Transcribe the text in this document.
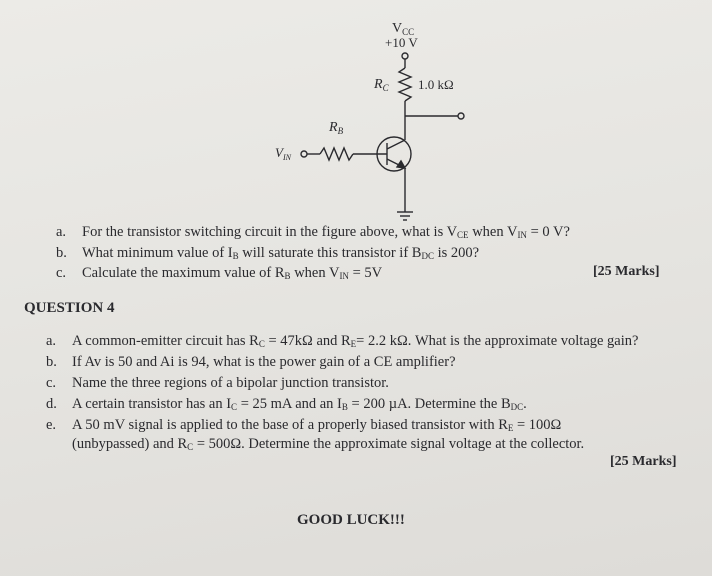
$V_{CC}$
+10 V
$R_C$ 1.0 kΩ
$R_B$
$V_{IN}$
a. For the transistor switching circuit in the figure above, what is $V_{CE}$ when $V_{IN} = 0$ V?
b. What minimum value of $I_B$ will saturate this transistor if $B_{DC}$ is 200?
c. Calculate the maximum value of $R_B$ when $V_{IN} = 5V$	[25 Marks]
QUESTION 4
a. A common-emitter circuit has $R_C = 47k\Omega$ and $R_E= 2.2$ kΩ. What is the approximate voltage gain?
b. If Av is 50 and Ai is 94, what is the power gain of a CE amplifier?
c. Name the three regions of a bipolar junction transistor.
d. A certain transistor has an $I_C = 25$ mA and an $I_B = 200$ µA. Determine the $B_{DC}$.
e. A 50 mV signal is applied to the base of a properly biased transistor with $R_E = 100\Omega$
(unbypassed) and $R_C = 500\Omega$. Determine the approximate signal voltage at the collector.
[25 Marks]
GOOD LUCK!!!
